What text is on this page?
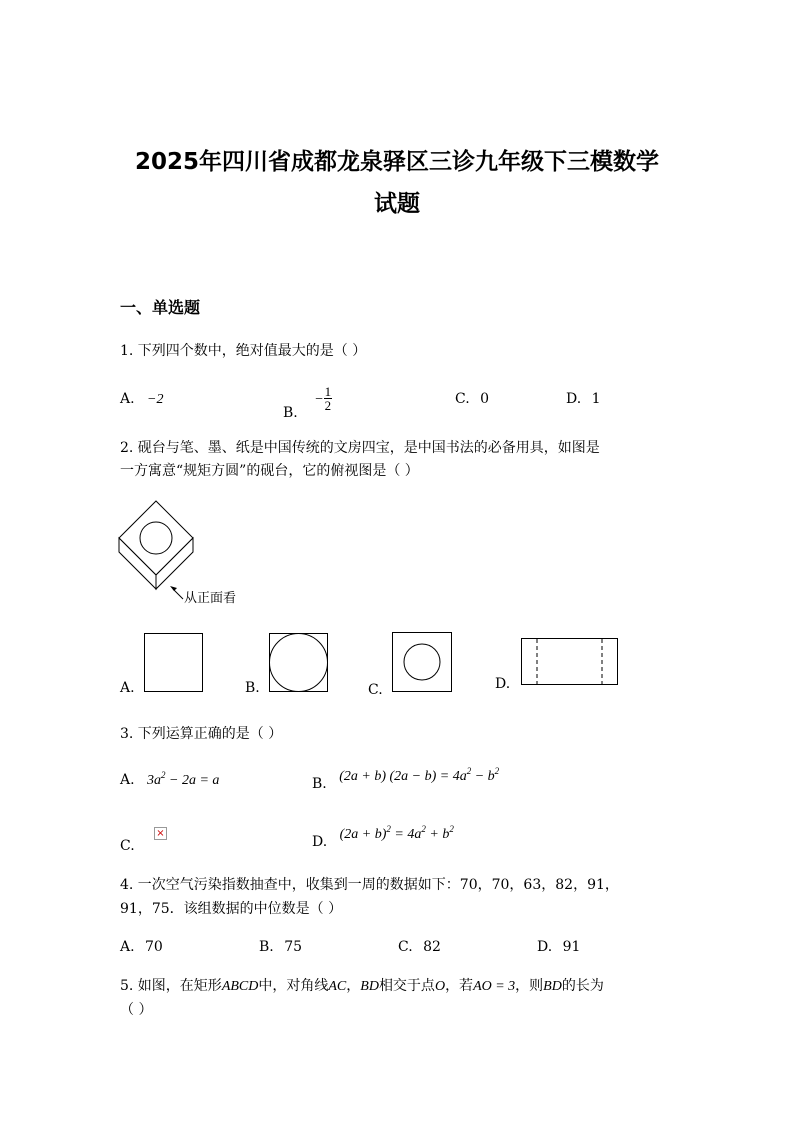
2025年四川省成都龙泉驿区三诊九年级下三模数学
试题
一、单选题
1. 下列四个数中，绝对值最大的是（ ）
A. −2
B. − $\frac{1}{2}$	C. 0	D. 1
2. 砚台与笔、墨、纸是中国传统的文房四宝，是中国书法的必备用具，如图是
一方寓意“规矩方圆”的砚台，它的俯视图是（ ）
从正面看
A.	B.	C.	D.
3. 下列运算正确的是（ ）
A. $3a^2 - 2a = a$	B. (2a + b) $(2a - b) = 4a^2 - b^2$
C.
×
D. $(2a + b)^2 = 4a^2 + b^2$
4. 一次空气污染指数抽查中，收集到一周的数据如下：70，70，63，82，91，
91，75．该组数据的中位数是（ ）
A. 70	B. 75	C. 82	D. 91
5. 如图，在矩形ABCD中，对角线AC，BD相交于点O，若AO = 3，则BD的长为
（ ）
